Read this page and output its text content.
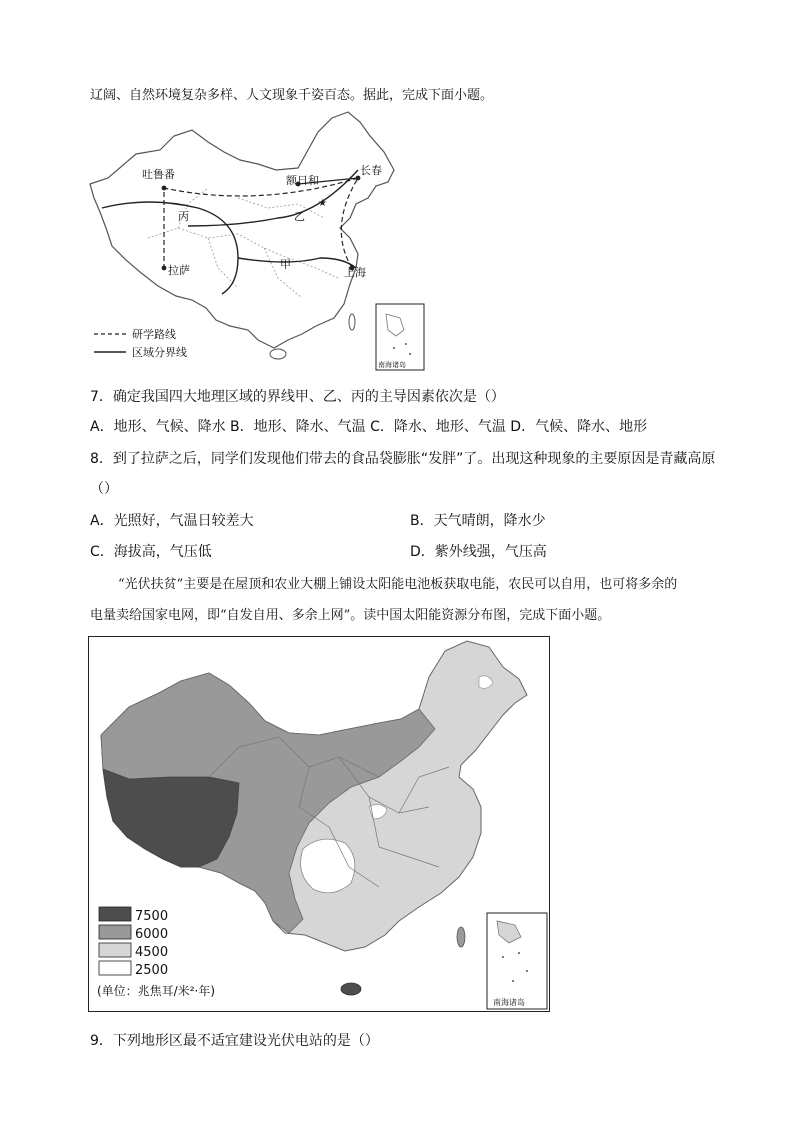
辽阔、自然环境复杂多样、人文现象千姿百态。据此，完成下面小题。
★
吐鲁番	额日和
长春
拉萨	上海
丙	乙
甲
研学路线
区域分界线
南海诸岛
7．确定我国四大地理区域的界线甲、乙、丙的主导因素依次是（）
A．地形、气候、降水 B．地形、降水、气温 C．降水、地形、气温 D．气候、降水、地形
8．到了拉萨之后，同学们发现他们带去的食品袋膨胀“发胖”了。出现这种现象的主要原因是青藏高原
（）
A．光照好，气温日较差大	B．天气晴朗，降水少
C．海拔高，气压低	D．紫外线强，气压高
“光伏扶贫”主要是在屋顶和农业大棚上铺设太阳能电池板获取电能，农民可以自用，也可将多余的
电量卖给国家电网，即“自发自用、多余上网”。读中国太阳能资源分布图，完成下面小题。
7500
6000
4500
2500
(单位：兆焦耳/米²·年)
南海诸岛
9．下列地形区最不适宜建设光伏电站的是（）
